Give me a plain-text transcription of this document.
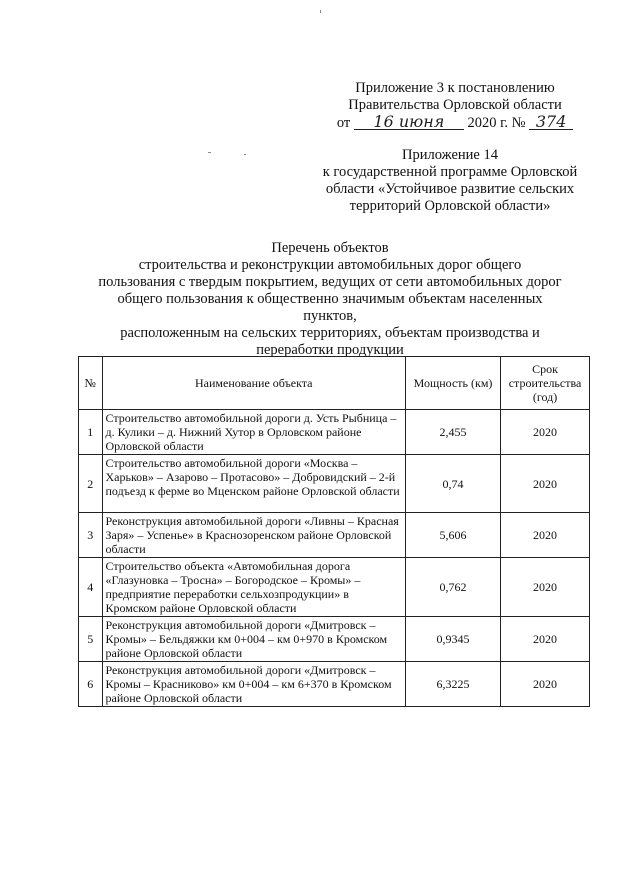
Приложение 3 к постановлению
Правительства Орловской области
от 16 июня 2020 г. № 374
Приложение 14
к государственной программе Орловской
области «Устойчивое развитие сельских
территорий Орловской области»
Перечень объектов
строительства и реконструкции автомобильных дорог общего
пользования с твердым покрытием, ведущих от сети автомобильных дорог
общего пользования к общественно значимым объектам населенных пунктов,
расположенным на сельских территориях, объектам производства и
переработки продукции
№	Наименование объекта	Мощность (км)	Срок строительства (год)
1	Строительство автомобильной дороги д. Усть Рыбница – д. Кулики – д. Нижний Хутор в Орловском районе Орловской области	2,455	2020
2	Строительство автомобильной дороги «Москва – Харьков» – Азарово – Протасово» – Добровидский – 2-й подъезд к ферме во Мценском районе Орловской области	0,74	2020
3	Реконструкция автомобильной дороги «Ливны – Красная Заря» – Успенье» в Краснозоренском районе Орловской области	5,606	2020
4	Строительство объекта «Автомобильная дорога «Глазуновка – Тросна» – Богородское – Кромы» – предприятие переработки сельхозпродукции» в Кромском районе Орловской области	0,762	2020
5	Реконструкция автомобильной дороги «Дмитровск – Кромы» – Бельдяжки км 0+004 – км 0+970 в Кромском районе Орловской области	0,9345	2020
6	Реконструкция автомобильной дороги «Дмитровск – Кромы – Красниково» км 0+004 – км 6+370 в Кромском районе Орловской области	6,3225	2020
